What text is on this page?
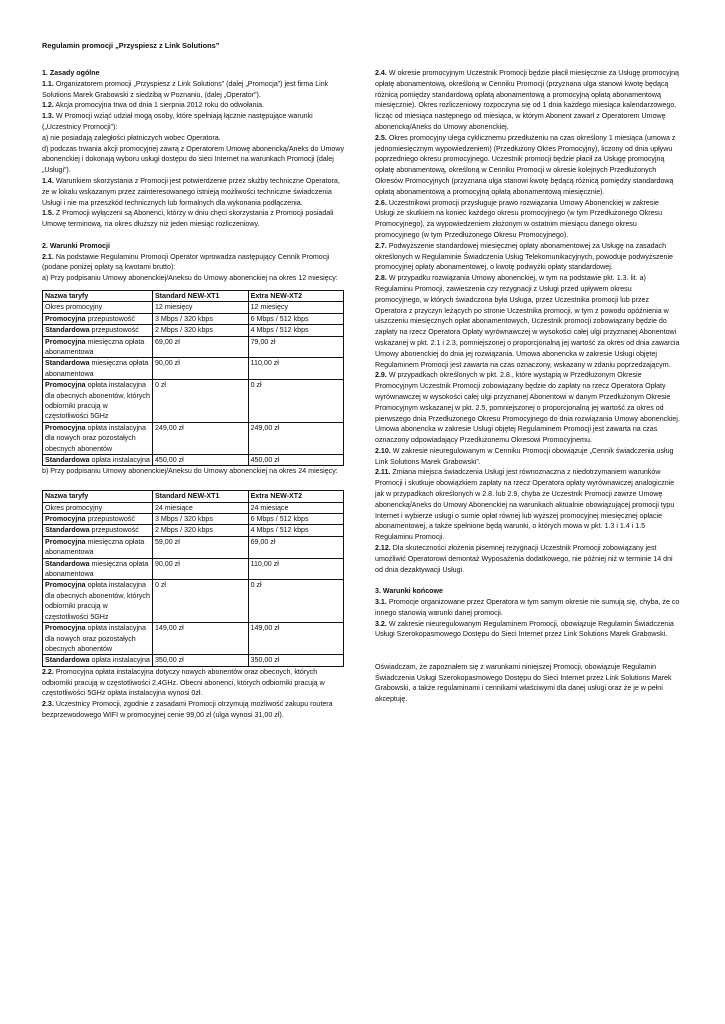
Regulamin promocji „Przyspiesz z Link Solutions”

1. Zasady ogólne

1.1. Organizatorem promocji „Przyspiesz z Link Solutions” (dalej „Promocja”) jest firma Link Solutions Marek Grabowski z siedzibą w Poznaniu, (dalej „Operator”).

1.2. Akcja promocyjna trwa od dnia 1 sierpnia 2012 roku do odwołania.

1.3. W Promocji wziąć udział mogą osoby, które spełniają łącznie następujące warunki („Uczestnicy Promocji”):

a) nie posiadają zaległości płatniczych wobec Operatora.

d) podczas trwania akcji promocyjnej zawrą z Operatorem Umowę abonencką/Aneks do Umowy abonenckiej i dokonają wyboru usługi dostępu do sieci Internet na warunkach Promocji (dalej „Usługi”).

1.4. Warunkiem skorzystania z Promocji jest potwierdzenie przez służby techniczne Operatora, że w lokalu wskazanym przez zainteresowanego istnieją możliwości techniczne świadczenia Usługi i nie ma przeszkód technicznych lub formalnych dla wykonania podłączenia.

1.5. Z Promocji wyłączeni są Abonenci, którzy w dniu chęci skorzystania z Promocji posiadali Umowę terminową, na okres dłuższy niż jeden miesiąc rozliczeniowy.

2. Warunki Promocji

2.1. Na podstawie Regulaminu Promocji Operator wprowadza następujący Cennik Promocji (podane poniżej opłaty są kwotami brutto):

a) Przy podpisaniu Umowy abonenckiej/Aneksu do Umowy abonenckiej na okres 12 miesięcy:

Nazwa taryfy	Standard NEW-XT1	Extra NEW-XT2
Okres promocyjny	12 miesięcy	12 miesięcy
Promocyjna przepustowość	3 Mbps / 320 kbps	6 Mbps / 512 kbps
Standardowa przepustowość	2 Mbps / 320 kbps	4 Mbps / 512 kbps
Promocyjna miesięczna opłata abonamentowa	69,00 zł	79,00 zł
Standardowa miesięczna opłata abonamentowa	90,00 zł	110,00 zł
Promocyjna opłata instalacyjna dla obecnych abonentów, których odbiorniki pracują w częstotliwości 5GHz	0 zł	0 zł
Promocyjna opłata instalacyjna dla nowych oraz pozostałych obecnych abonentów	249,00 zł	249,00 zł
Standardowa opłata instalacyjna	450,00 zł	450,00 zł

b) Przy podpisaniu Umowy abonenckiej/Aneksu do Umowy abonenckiej na okres 24 miesięcy:

Nazwa taryfy	Standard NEW-XT1	Extra NEW-XT2
Okres promocyjny	24 miesiące	24 miesiące
Promocyjna przepustowość	3 Mbps / 320 kbps	6 Mbps / 512 kbps
Standardowa przepustowość	2 Mbps / 320 kbps	4 Mbps / 512 kbps
Promocyjna miesięczna opłata abonamentowa	59,00 zł	69,00 zł
Standardowa miesięczna opłata abonamentowa	90,00 zł	110,00 zł
Promocyjna opłata instalacyjna dla obecnych abonentów, których odbiorniki pracują w częstotliwości 5GHz	0 zł	0 zł
Promocyjna opłata instalacyjna dla nowych oraz pozostałych obecnych abonentów	149,00 zł	149,00 zł
Standardowa opłata instalacyjna	350,00 zł	350,00 zł

2.2. Promocyjna opłata instalacyjna dotyczy nowych abonentów oraz obecnych, których odbiorniki pracują w częstotliwości 2,4GHz. Obecni abonenci, których odbiorniki pracują w częstotliwości 5GHz opłata instalacyjna wynosi 0zł.

2.3. Uczestnicy Promocji, zgodnie z zasadami Promocji otrzymują możliwość zakupu routera bezprzewodowego WIFI w promocyjnej cenie 99,00 zł (ulga wynosi 31,00 zł).

2.4. W okresie promocyjnym Uczestnik Promocji będzie płacił miesięcznie za Usługę promocyjną opłatę abonamentową, określoną w Cenniku Promocji (przyznana ulga stanowi kwotę będącą różnicą pomiędzy standardową opłatą abonamentową a promocyjną opłatą abonamentową miesięcznie). Okres rozliczeniowy rozpoczyna się od 1 dnia każdego miesiąca kalendarzowego, licząc od miesiąca następnego od miesiąca, w którym Abonent zawarł z Operatorem Umowę abonencką/Aneks do Umowy abonenckiej.

2.5. Okres promocyjny ulega cyklicznemu przedłużeniu na czas określony 1 miesiąca (umowa z jednomiesięcznym wypowiedzeniem) (Przedłużony Okres Promocyjny), liczony od dnia upływu poprzedniego okresu promocyjnego. Uczestnik promocji będzie płacił za Usługę promocyjną opłatę abonamentową, określoną w Cenniku Promocji w okresie kolejnych Przedłużonych Okresów Promocyjnych (przyznana ulga stanowi kwotę będącą różnicą pomiędzy standardową opłatą abonamentową a promocyjną opłatą abonamentową miesięcznie).

2.6. Uczestnikowi promocji przysługuje prawo rozwiązania Umowy Abonenckiej w zakresie Usługi ze skutkiem na koniec każdego okresu promocyjnego (w tym Przedłużonego Okresu Promocyjnego), za wypowiedzeniem złożonym w ostatnim miesiącu danego okresu promocyjnego (w tym Przedłużonego Okresu Promocyjnego).

2.7. Podwyższenie standardowej miesięcznej opłaty abonamentowej za Usługę na zasadach określonych w Regulaminie Świadczenia Usług Telekomunikacyjnych, powoduje podwyższenie promocyjnej opłaty abonamentowej, o kwotę podwyżki opłaty standardowej.

2.8. W przypadku rozwiązania Umowy abonenckiej, w tym na podstawie pkt. 1.3. lit. a) Regulaminu Promocji, zawieszenia czy rezygnacji z Usługi przed upływem okresu promocyjnego, w których świadczona była Usługa, przez Uczestnika promocji lub przez Operatora z przyczyn leżących po stronie Uczestnika promocji, w tym z powodu opóźnienia w uiszczeniu miesięcznych opłat abonamentowych, Uczestnik promocji zobowiązany będzie do zapłaty na rzecz Operatora Opłaty wyrównawczej w wysokości całej ulgi przyznanej Abonentowi wskazanej w pkt. 2.1 i 2.3, pomniejszonej o proporcjonalną jej wartość za okres od dnia zawarcia Umowy abonenckiej do dnia jej rozwiązania. Umowa abonencka w zakresie Usługi objętej Regulaminem Promocji jest zawarta na czas oznaczony, wskazany w zdaniu poprzedzającym.

2.9. W przypadkach określonych w pkt. 2.8., które wystąpią w Przedłużonym Okresie Promocyjnym Uczestnik Promocji zobowiązany będzie do zapłaty na rzecz Operatora Opłaty wyrównawczej w wysokości całej ulgi przyznanej Abonentowi w danym Przedłużonym Okresie Promocyjnym wskazanej w pkt. 2.5, pomniejszonej o proporcjonalną jej wartość za okres od pierwszego dnia Przedłużonego Okresu Promocyjnego do dnia rozwiązania Umowy abonenckiej. Umowa abonencka w zakresie Usługi objętej Regulaminem Promocji jest zawarta na czas oznaczony odpowiadający Przedłużonemu Okresowi Promocyjnemu.

2.10. W zakresie nieuregulowanym w Cenniku Promocji obowiązuje „Cennik świadczenia usług Link Solutions Marek Grabowski”.

2.11. Zmiana miejsca świadczenia Usługi jest równoznaczna z niedotrzymaniem warunków Promocji i skutkuje obowiązkiem zapłaty na rzecz Operatora opłaty wyrównawczej analogicznie jak w przypadkach określonych w 2.8. lub 2.9, chyba że Uczestnik Promocji zawrze Umowę abonencką/Aneks do Umowy Abonenckiej na warunkach aktualnie obowiązującej promocji typu Internet i wybierze usługi o sumie opłat równej lub wyższej promocyjnej miesięcznej opłacie abonamentowej, a także spełnione będą warunki, o których mowa w pkt. 1.3 i 1.4 i 1.5 Regulaminu Promocji.

2.12. Dla skuteczności złożenia pisemnej rezygnacji Uczestnik Promocji zobowiązany jest umożliwić Operatorowi demontaż Wyposażenia dodatkowego, nie później niż w terminie 14 dni od dnia dezaktywacji Usługi.

3. Warunki końcowe

3.1. Promocje organizowane przez Operatora w tym samym okresie nie sumują się, chyba, że co innego stanowią warunki danej promocji.

3.2. W zakresie nieuregulowanym Regulaminem Promocji, obowiązuje Regulamin Świadczenia Usługi Szerokopasmowego Dostępu do Sieci Internet przez Link Solutions Marek Grabowski.

Oświadczam, że zapoznałem się z warunkami niniejszej Promocji, obowiązuje Regulamin Świadczenia Usługi Szerokopasmowego Dostępu do Sieci Internet przez Link Solutions Marek Grabowski, a także regulaminami i cennikami właściwymi dla danej usługi oraz że je w pełni akceptuję.
